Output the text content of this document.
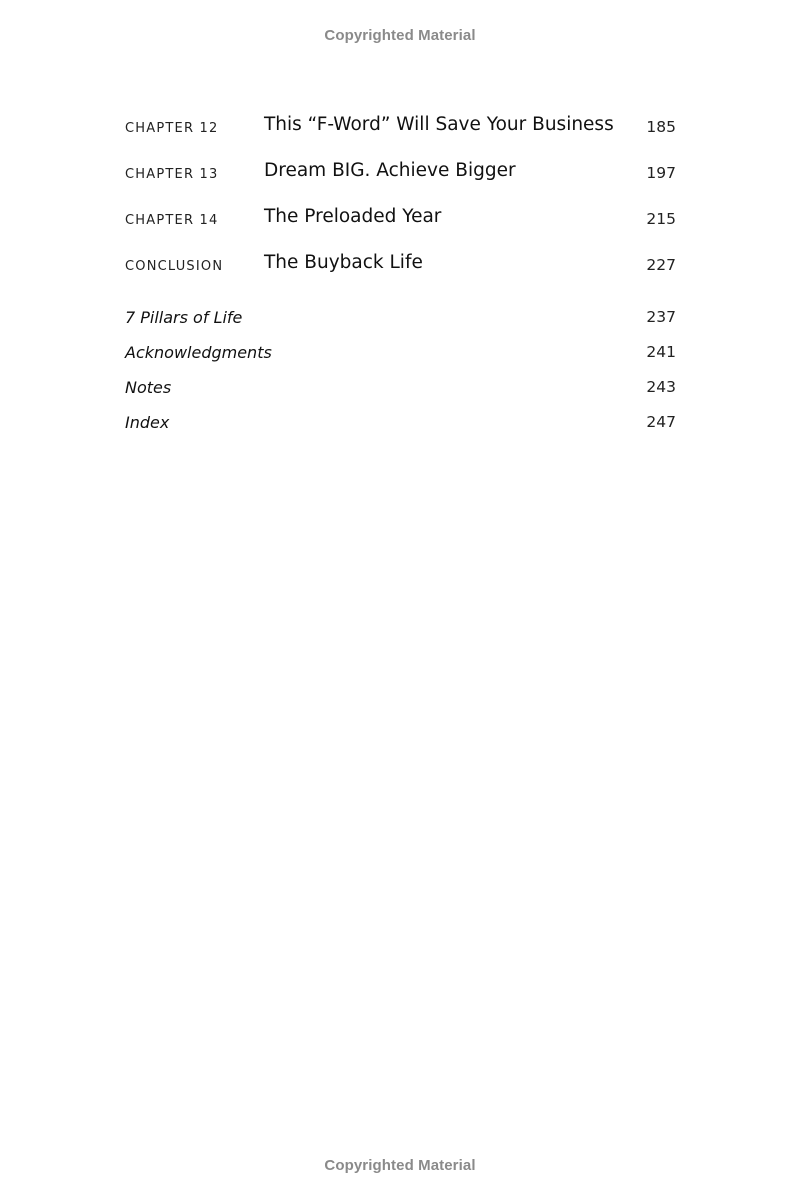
Copyrighted Material
CHAPTER 12 This “F-Word” Will Save Your Business 185
CHAPTER 13 Dream BIG. Achieve Bigger	197
CHAPTER 14 The Preloaded Year	215
CONCLUSION The Buyback Life	227
7 Pillars of Life	237
Acknowledgments	241
Notes	243
Index	247
Copyrighted Material
